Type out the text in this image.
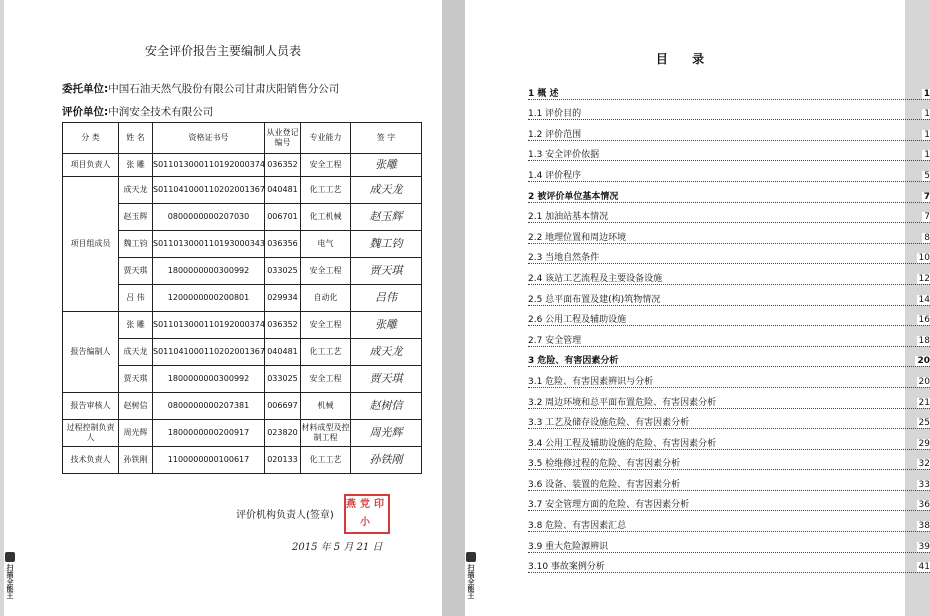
安全评价报告主要编制人员表
委托单位:中国石油天然气股份有限公司甘肃庆阳销售分公司
评价单位:中润安全技术有限公司
分 类	姓 名	资格证书号	从业登记编号	专业能力	签 字
项目负责人	张 雕	S011013000110192000374	036352	安全工程	张雕
项目组成员	成天龙	S011041000110202001367	040481	化工工艺	成天龙
	赵玉辉	0800000000207030	006701	化工机械	赵玉辉
	魏工钧	S011013000110193000343	036356	电气	魏工钧
	贾天琪	1800000000300992	033025	安全工程	贾天琪
	吕 伟	1200000000200801	029934	自动化	吕伟
报告编制人	张 雕	S011013000110192000374	036352	安全工程	张雕
	成天龙	S011041000110202001367	040481	化工工艺	成天龙
	贾天琪	1800000000300992	033025	安全工程	贾天琪
报告审核人	赵树信	0800000000207381	006697	机械	赵树信
过程控制负责人	周光辉	1800000000200917	023820	材料成型及控制工程	周光辉
技术负责人	孙铁刚	1100000000100617	020133	化工工艺	孙铁刚
评价机构负责人(签章)
燕党印小
2015 年 5 月 21 日
扫描全能王
目 录
1 概 述	1
1.1 评价目的	1
1.2 评价范围	1
1.3 安全评价依据	1
1.4 评价程序	5
2 被评价单位基本情况	7
2.1 加油站基本情况	7
2.2 地理位置和周边环境	8
2.3 当地自然条件	10
2.4 该站工艺流程及主要设备设施	12
2.5 总平面布置及建(构)筑物情况	14
2.6 公用工程及辅助设施	16
2.7 安全管理	18
3 危险、有害因素分析	20
3.1 危险、有害因素辨识与分析	20
3.2 周边环境和总平面布置危险、有害因素分析	21
3.3 工艺及储存设施危险、有害因素分析	25
3.4 公用工程及辅助设施的危险、有害因素分析	29
3.5 检维修过程的危险、有害因素分析	32
3.6 设备、装置的危险、有害因素分析	33
3.7 安全管理方面的危险、有害因素分析	36
3.8 危险、有害因素汇总	38
3.9 重大危险源辨识	39
3.10 事故案例分析	41
扫描全能王
